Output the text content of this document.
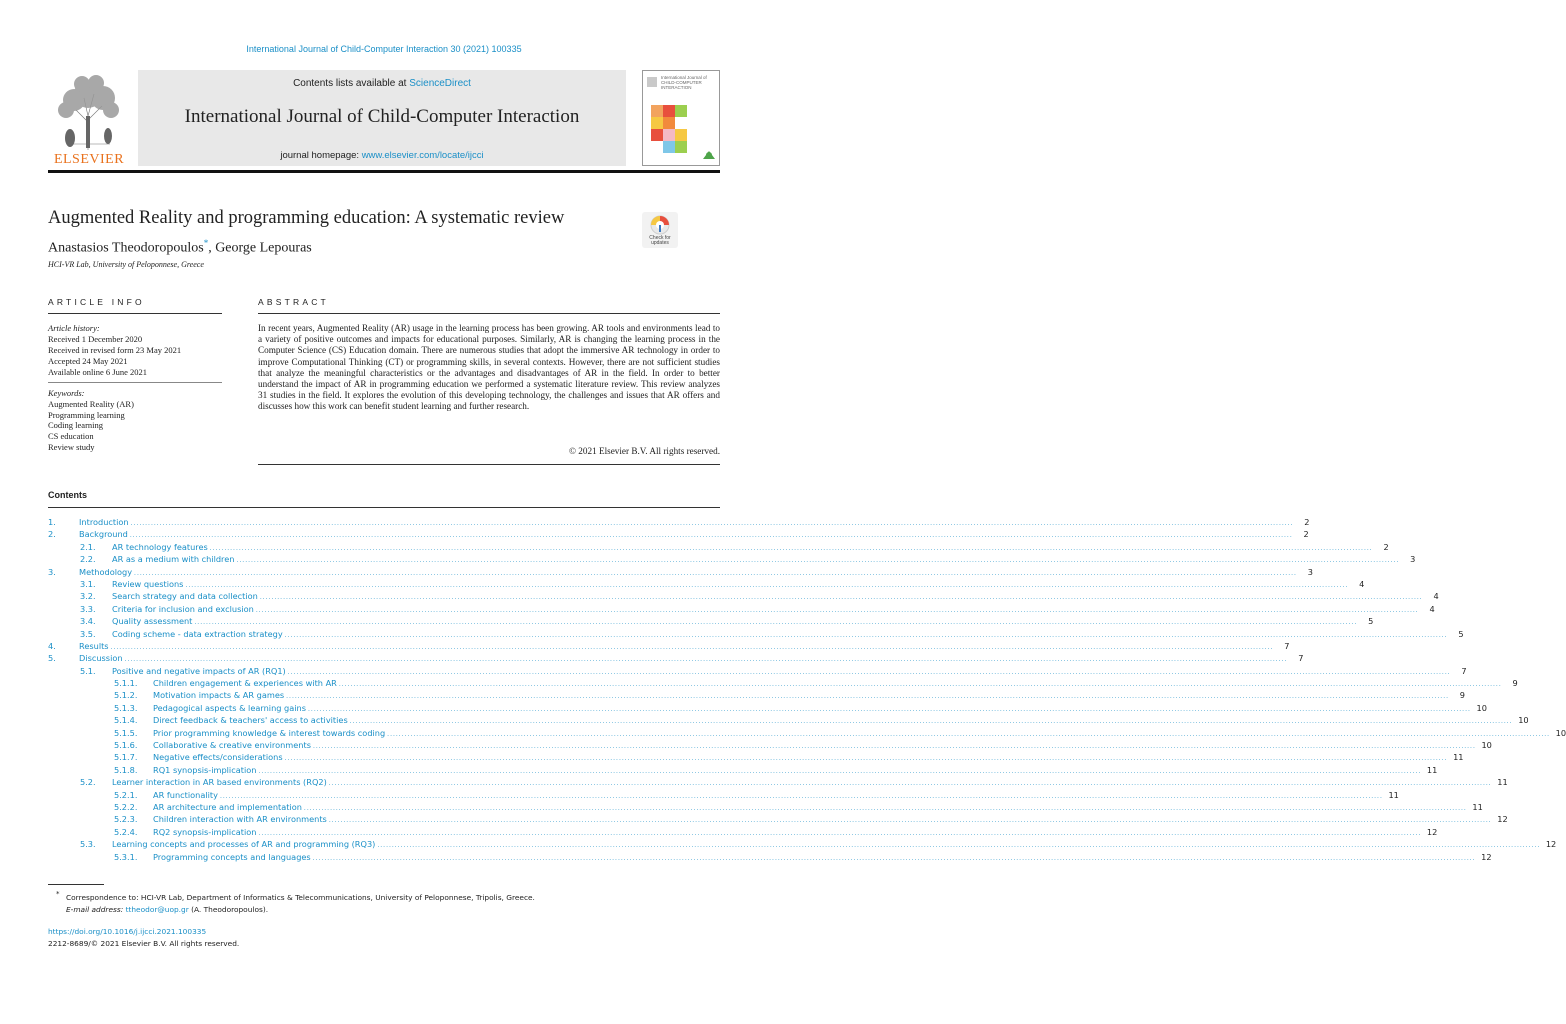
International Journal of Child-Computer Interaction 30 (2021) 100335
ELSEVIER
Contents lists available at ScienceDirect
International Journal of Child-Computer Interaction
journal homepage: www.elsevier.com/locate/ijcci
International Journal of CHILD-COMPUTER INTERACTION
Augmented Reality and programming education: A systematic review
Anastasios Theodoropoulos*, George Lepouras
HCI-VR Lab, University of Peloponnese, Greece
Check for updates
ARTICLE INFO	ABSTRACT
Article history:
Received 1 December 2020
Received in revised form 23 May 2021
Accepted 24 May 2021
Available online 6 June 2021
Keywords:
Augmented Reality (AR)
Programming learning
Coding learning
CS education
Review study
In recent years, Augmented Reality (AR) usage in the learning process has been growing. AR tools and environments lead to a variety of positive outcomes and impacts for educational purposes. Similarly, AR is changing the learning process in the Computer Science (CS) Education domain. There are numerous studies that adopt the immersive AR technology in order to improve Computational Thinking (CT) or programming skills, in several contexts. However, there are not sufficient studies that analyze the meaningful characteristics or the advantages and disadvantages of AR in the field. In order to better understand the impact of AR in programming education we performed a systematic literature review. This review analyzes 31 studies in the field. It explores the evolution of this developing technology, the challenges and issues that AR offers and discusses how this work can benefit student learning and further research.
© 2021 Elsevier B.V. All rights reserved.
Contents
1.	Introduction ................................................................................................................................................................................................................................................................................................................................................................................................................	2
2.	Background ................................................................................................................................................................................................................................................................................................................................................................................................................	2
2.1.	AR technology features ................................................................................................................................................................................................................................................................................................................................................................................................................	2
2.2.	AR as a medium with children ................................................................................................................................................................................................................................................................................................................................................................................................................	3
3.	Methodology ................................................................................................................................................................................................................................................................................................................................................................................................................	3
3.1.	Review questions ................................................................................................................................................................................................................................................................................................................................................................................................................	4
3.2.	Search strategy and data collection ................................................................................................................................................................................................................................................................................................................................................................................................................	4
3.3.	Criteria for inclusion and exclusion ................................................................................................................................................................................................................................................................................................................................................................................................................	4
3.4.	Quality assessment ................................................................................................................................................................................................................................................................................................................................................................................................................	5
3.5.	Coding scheme - data extraction strategy ................................................................................................................................................................................................................................................................................................................................................................................................................	5
4.	Results ................................................................................................................................................................................................................................................................................................................................................................................................................	7
5.	Discussion ................................................................................................................................................................................................................................................................................................................................................................................................................	7
5.1.	Positive and negative impacts of AR (RQ1) ................................................................................................................................................................................................................................................................................................................................................................................................................	7
5.1.1.	Children engagement & experiences with AR ................................................................................................................................................................................................................................................................................................................................................................................................................	9
5.1.2.	Motivation impacts & AR games ................................................................................................................................................................................................................................................................................................................................................................................................................	9
5.1.3.	Pedagogical aspects & learning gains ................................................................................................................................................................................................................................................................................................................................................................................................................ 10
5.1.4.	Direct feedback & teachers' access to activities ................................................................................................................................................................................................................................................................................................................................................................................................................ 10
5.1.5.	Prior programming knowledge & interest towards coding ................................................................................................................................................................................................................................................................................................................................................................................................................ 10
5.1.6.	Collaborative & creative environments ................................................................................................................................................................................................................................................................................................................................................................................................................ 10
5.1.7.	Negative effects/considerations ................................................................................................................................................................................................................................................................................................................................................................................................................ 11
5.1.8.	RQ1 synopsis-implication ................................................................................................................................................................................................................................................................................................................................................................................................................ 11
5.2.	Learner interaction in AR based environments (RQ2) ................................................................................................................................................................................................................................................................................................................................................................................................................ 11
5.2.1.	AR functionality ................................................................................................................................................................................................................................................................................................................................................................................................................ 11
5.2.2.	AR architecture and implementation ................................................................................................................................................................................................................................................................................................................................................................................................................ 11
5.2.3.	Children interaction with AR environments ................................................................................................................................................................................................................................................................................................................................................................................................................ 12
5.2.4.	RQ2 synopsis-implication ................................................................................................................................................................................................................................................................................................................................................................................................................ 12
5.3.	Learning concepts and processes of AR and programming (RQ3) ................................................................................................................................................................................................................................................................................................................................................................................................................ 12
5.3.1.	Programming concepts and languages ................................................................................................................................................................................................................................................................................................................................................................................................................ 12
* Correspondence to: HCI-VR Lab, Department of Informatics & Telecommunications, University of Peloponnese, Tripolis, Greece.
E-mail address: ttheodor@uop.gr (A. Theodoropoulos).
https://doi.org/10.1016/j.ijcci.2021.100335
2212-8689/© 2021 Elsevier B.V. All rights reserved.
